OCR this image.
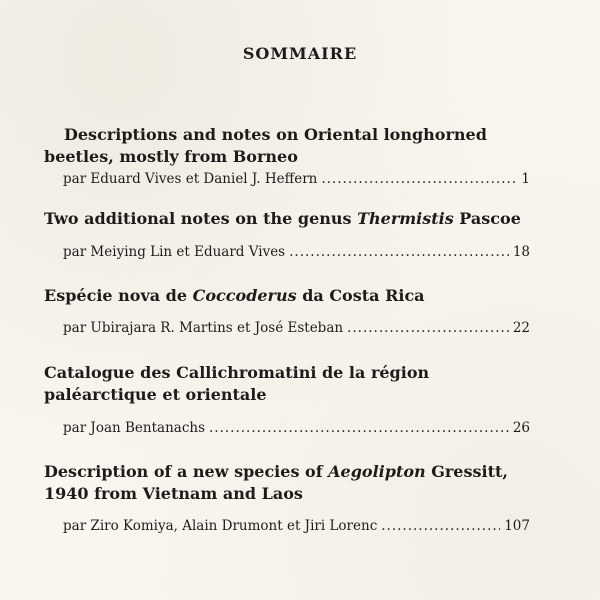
SOMMAIRE

Descriptions and notes on Oriental longhorned beetles, mostly from Borneo

par Eduard Vives et Daniel J. Heffern .....	1

Two additional notes on the genus Thermistis Pascoe

par Meiying Lin et Eduard Vives .....	18

Espécie nova de Coccoderus da Costa Rica

par Ubirajara R. Martins et José Esteban .....	22

Catalogue des Callichromatini de la région paléarctique et orientale

par Joan Bentanachs .....	26

Description of a new species of Aegolipton Gressitt, 1940 from Vietnam and Laos

par Ziro Komiya, Alain Drumont et Jiri Lorenc .....	107
